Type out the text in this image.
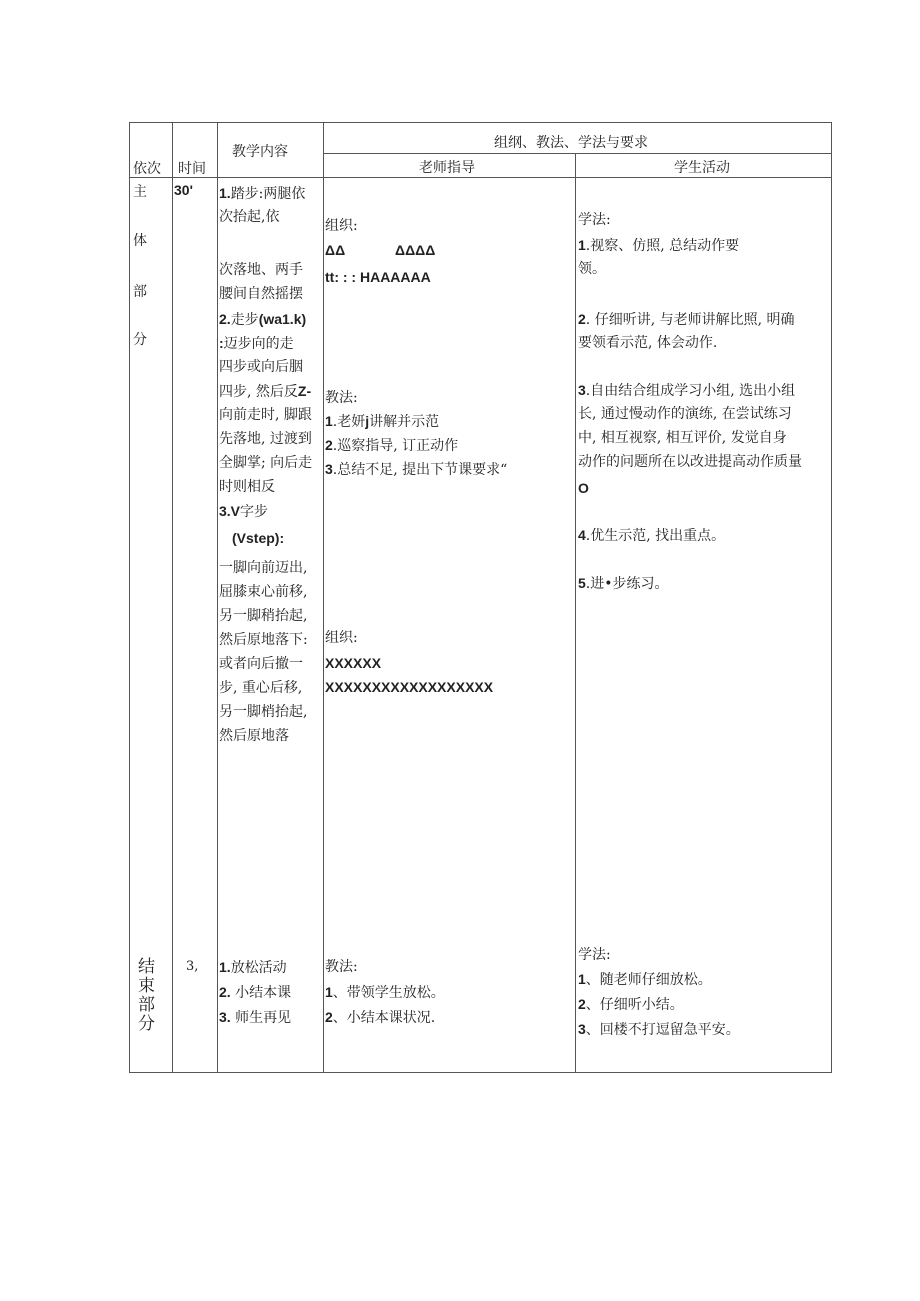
依次 时间
教学内容
组纲、教法、学法与要求
老师指导	学生活动
主
体
部
分
30' 1.踏步:两腿依
次抬起,依
次落地、两手
腰间自然摇摆
2.走步(wa1.k)
:迈步向的走
四步或向后胭
四步, 然后反Z-
向前走时, 脚跟
先落地, 过渡到
全脚掌; 向后走
时则相反
3.V字步
(Vstep):
一脚向前迈出,
屈膝束心前移,
另一脚稍抬起,
然后原地落下:
或者向后撤一
步, 重心后移,
另一脚梢抬起,
然后原地落
组织:
ΔΔ	ΔΔΔΔ
tt: : : HAAAAAA
教法:
1.老妍j讲解并示范
2.巡察指导, 订正动作
3.总结不足, 提出下节课要求“
组织:
XXXXXX
XXXXXXXXXXXXXXXXXX
学法:
1.视察、仿照, 总结动作要
领。
2. 仔细听讲, 与老师讲解比照, 明确
要领看示范, 体会动作.
3.自由结合组成学习小组, 选出小组
长, 通过慢动作的演练, 在尝试练习
中, 相互视察, 相互评价, 发觉自身
动作的问题所在以改进提高动作质量
O
4.优生示范, 找出重点。
5.进•步练习。
结
束
部
分
3, 1.放松活动
2. 小结本课
3. 师生再见
教法:
1、带领学生放松。
2、小结本课状况.
学法:
1、随老师仔细放松。
2、仔细听小结。
3、回楼不打逗留急平安。
